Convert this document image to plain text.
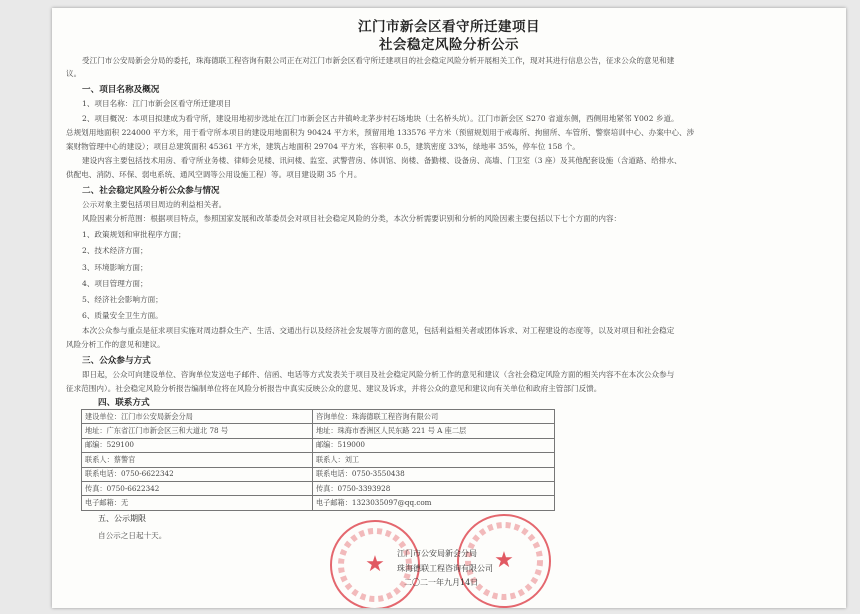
江门市新会区看守所迁建项目
社会稳定风险分析公示
受江门市公安局新会分局的委托，珠海德联工程咨询有限公司正在对江门市新会区看守所迁建项目的社会稳定风险分析开展相关工作，现对其进行信息公告，征求公众的意见和建
议。
一、项目名称及概况
1、项目名称：江门市新会区看守所迁建项目
2、项目概况：本项目拟建成为看守所，建设用地初步选址在江门市新会区古井镇岭北茅步村石场地块（土名桥头坑）。江门市新会区 S270 省道东侧，西侧用地紧邻 Y002 乡道。
总规划用地面积 224000 平方米，用于看守所本项目的建设用地面积为 90424 平方米，预留用地 133576 平方米（预留规划用于戒毒所、拘留所、车管所、警察培训中心、办案中心、涉
案财物管理中心的建设）；项目总建筑面积 45361 平方米，建筑占地面积 29704 平方米，容积率 0.5，建筑密度 33%，绿地率 35%，停车位 158 个。
建设内容主要包括技术用房、看守所业务楼、律师会见楼、讯问楼、监室、武警营房、体训馆、岗楼、备勤楼、设备房、高墙、门卫室（3 座）及其他配套设施（含道路、给排水、
供配电、消防、环保、弱电系统、通风空调等公用设施工程）等。项目建设期 35 个月。
二、社会稳定风险分析公众参与情况
公示对象主要包括项目周边的利益相关者。
风险因素分析范围：根据项目特点，参照国家发展和改革委员会对项目社会稳定风险的分类，本次分析需要识别和分析的风险因素主要包括以下七个方面的内容：
1、政策规划和审批程序方面；
2、技术经济方面；
3、环境影响方面；
4、项目管理方面；
5、经济社会影响方面；
6、质量安全卫生方面。
本次公众参与重点是征求项目实施对周边群众生产、生活、交通出行以及经济社会发展等方面的意见，包括利益相关者或团体诉求、对工程建设的态度等，以及对项目和社会稳定
风险分析工作的意见和建议。
三、公众参与方式
即日起，公众可向建设单位、咨询单位发送电子邮件、信函、电话等方式发表关于项目及社会稳定风险分析工作的意见和建议（含社会稳定风险方面的相关内容不在本次公众参与
征求范围内）。社会稳定风险分析报告编制单位将在风险分析报告中真实反映公众的意见、建议及诉求，并将公众的意见和建议向有关单位和政府主管部门反馈。
四、联系方式
建设单位：江门市公安局新会分局	咨询单位：珠海德联工程咨询有限公司
地址：广东省江门市新会区三和大道北 78 号	地址：珠海市香洲区人民东路 221 号 A 座二层
邮编：529100	邮编：519000
联系人：蔡警官	联系人：刘工
联系电话：0750-6622342	联系电话：0750-3550438
传真：0750-6622342	传真：0750-3393928
电子邮箱：无	电子邮箱：1323035097@qq.com
五、公示期限
自公示之日起十天。
★	★
江门市公安局新会分局
珠海德联工程咨询有限公司
二〇二一年九月14日
